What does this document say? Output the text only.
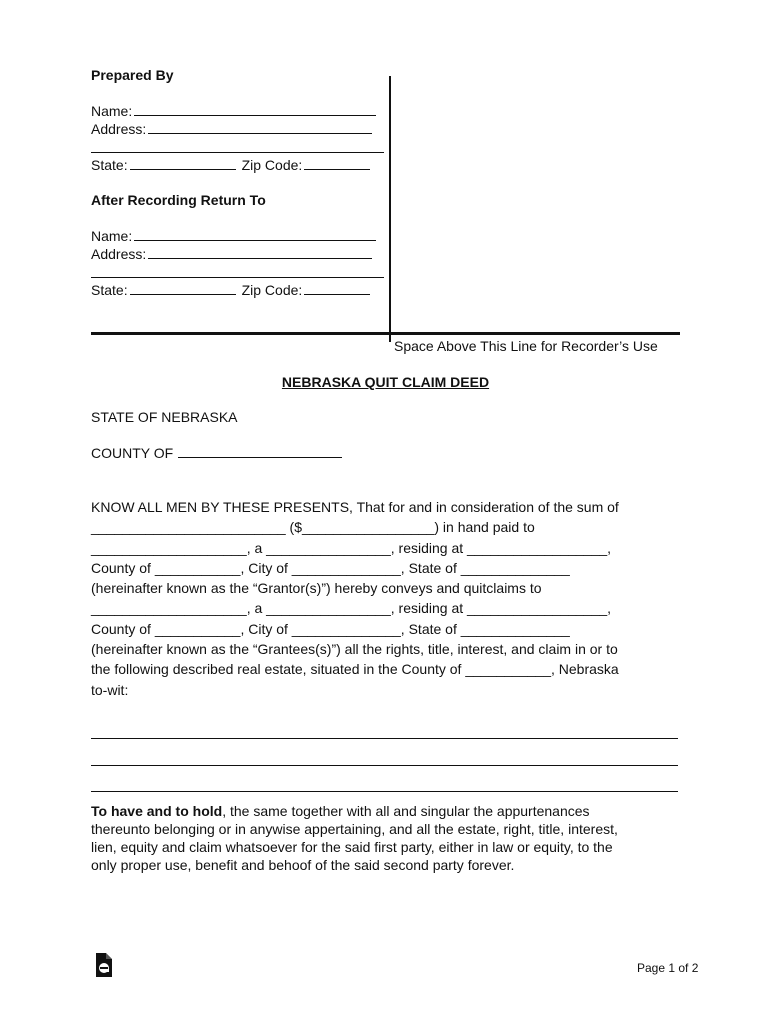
Prepared By
Name:
Address:
State:	Zip Code:
After Recording Return To
Name:
Address:
State:	Zip Code:
Space Above This Line for Recorder’s Use
NEBRASKA QUIT CLAIM DEED
STATE OF NEBRASKA
COUNTY OF
KNOW ALL MEN BY THESE PRESENTS, That for and in consideration of the sum of
_________________________ ($_________________) in hand paid to
____________________, a ________________, residing at __________________,
County of ___________, City of ______________, State of ______________
(hereinafter known as the “Grantor(s)”) hereby conveys and quitclaims to
____________________, a ________________, residing at __________________,
County of ___________, City of ______________, State of ______________
(hereinafter known as the “Grantees(s)”) all the rights, title, interest, and claim in or to
the following described real estate, situated in the County of ___________, Nebraska
to-wit:
To have and to hold, the same together with all and singular the appurtenances
thereunto belonging or in anywise appertaining, and all the estate, right, title, interest,
lien, equity and claim whatsoever for the said first party, either in law or equity, to the
only proper use, benefit and behoof of the said second party forever.
Page 1 of 2
